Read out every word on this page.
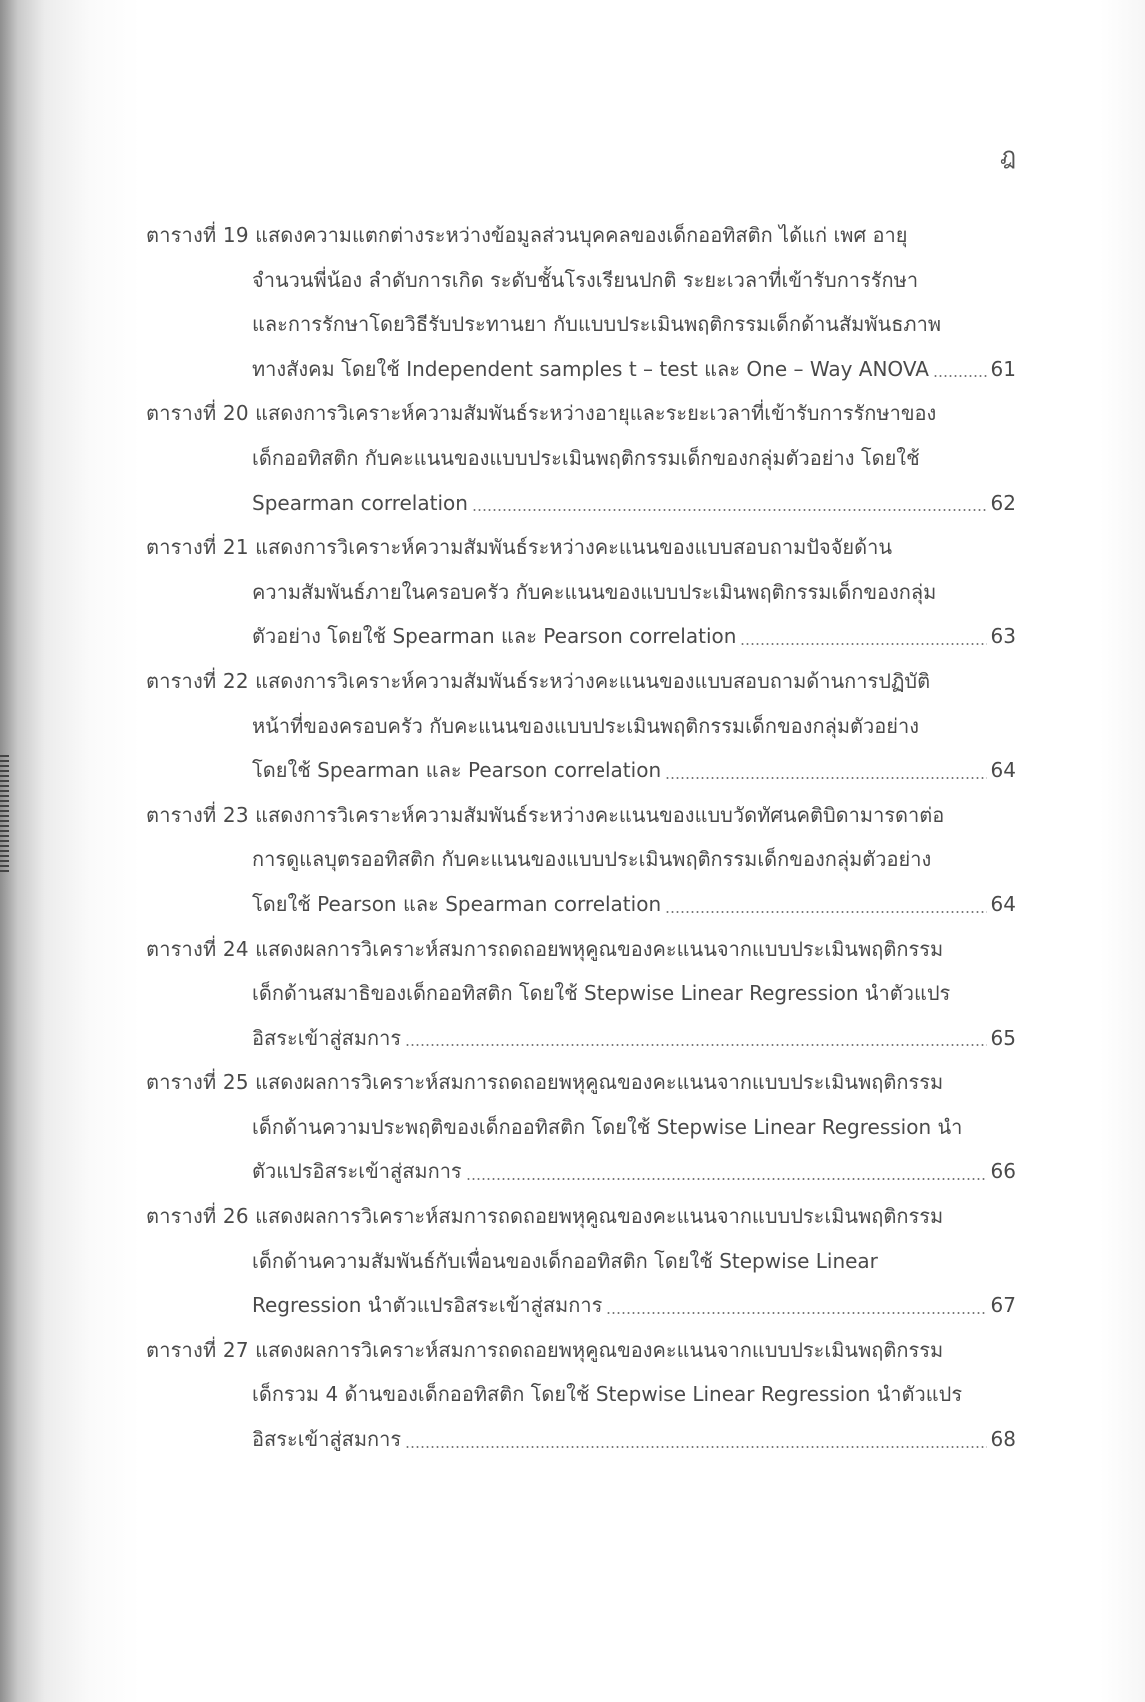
ฎ
ตารางที่ 19 แสดงความแตกต่างระหว่างข้อมูลส่วนบุคคลของเด็กออทิสติก ได้แก่ เพศ อายุ
จำนวนพี่น้อง ลำดับการเกิด ระดับชั้นโรงเรียนปกติ ระยะเวลาที่เข้ารับการรักษา
และการรักษาโดยวิธีรับประทานยา กับแบบประเมินพฤติกรรมเด็กด้านสัมพันธภาพ
ทางสังคม โดยใช้ Independent samples t – test และ One – Way ANOVA	61
ตารางที่ 20 แสดงการวิเคราะห์ความสัมพันธ์ระหว่างอายุและระยะเวลาที่เข้ารับการรักษาของ
เด็กออทิสติก กับคะแนนของแบบประเมินพฤติกรรมเด็กของกลุ่มตัวอย่าง โดยใช้
Spearman correlation	62
ตารางที่ 21 แสดงการวิเคราะห์ความสัมพันธ์ระหว่างคะแนนของแบบสอบถามปัจจัยด้าน
ความสัมพันธ์ภายในครอบครัว กับคะแนนของแบบประเมินพฤติกรรมเด็กของกลุ่ม
ตัวอย่าง โดยใช้ Spearman และ Pearson correlation	63
ตารางที่ 22 แสดงการวิเคราะห์ความสัมพันธ์ระหว่างคะแนนของแบบสอบถามด้านการปฏิบัติ
หน้าที่ของครอบครัว กับคะแนนของแบบประเมินพฤติกรรมเด็กของกลุ่มตัวอย่าง
โดยใช้ Spearman และ Pearson correlation	64
ตารางที่ 23 แสดงการวิเคราะห์ความสัมพันธ์ระหว่างคะแนนของแบบวัดทัศนคติบิดามารดาต่อ
การดูแลบุตรออทิสติก กับคะแนนของแบบประเมินพฤติกรรมเด็กของกลุ่มตัวอย่าง
โดยใช้ Pearson และ Spearman correlation	64
ตารางที่ 24 แสดงผลการวิเคราะห์สมการถดถอยพหุคูณของคะแนนจากแบบประเมินพฤติกรรม
เด็กด้านสมาธิของเด็กออทิสติก โดยใช้ Stepwise Linear Regression นำตัวแปร
อิสระเข้าสู่สมการ	65
ตารางที่ 25 แสดงผลการวิเคราะห์สมการถดถอยพหุคูณของคะแนนจากแบบประเมินพฤติกรรม
เด็กด้านความประพฤติของเด็กออทิสติก โดยใช้ Stepwise Linear Regression นำ
ตัวแปรอิสระเข้าสู่สมการ	66
ตารางที่ 26 แสดงผลการวิเคราะห์สมการถดถอยพหุคูณของคะแนนจากแบบประเมินพฤติกรรม
เด็กด้านความสัมพันธ์กับเพื่อนของเด็กออทิสติก โดยใช้ Stepwise Linear
Regression นำตัวแปรอิสระเข้าสู่สมการ	67
ตารางที่ 27 แสดงผลการวิเคราะห์สมการถดถอยพหุคูณของคะแนนจากแบบประเมินพฤติกรรม
เด็กรวม 4 ด้านของเด็กออทิสติก โดยใช้ Stepwise Linear Regression นำตัวแปร
อิสระเข้าสู่สมการ	68
